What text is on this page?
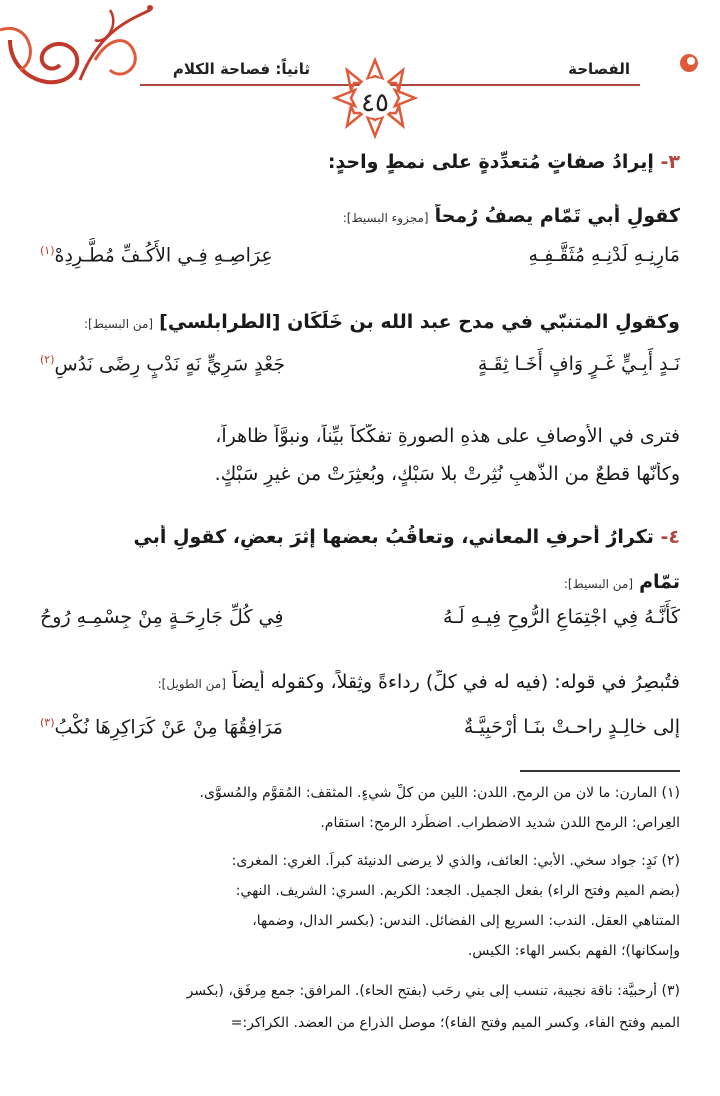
الفصاحة
ثانياً: فصاحة الكلام
٤٥
٣- إيرادُ صفاتٍ مُتعدِّدةٍ على نمطٍ واحدٍ:
كقولِ أبي تَمّام يصفُ رُمحاً [مجزوء البسيط]:
مَارِنِـهِ لَدْنِـهِ مُثَقَّـفِـهِ
عِرَاصِـهِ فِـي الأَكُـفِّ مُطَّـرِدِهْ$^{(١)}$
وكقولِ المتنبّي في مدح عبد الله بن خَلِّكَان [الطرابلسي] [من البسيط]:
نَـدٍ أَبِـيٍّ غَـرٍ وَافٍ أَخَـا ثِقَـةٍ
جَعْدٍ سَرِيٍّ نَهٍ نَدْبٍ رِضًى نَدُسِ$^{(٢)}$
فترى في الأوصافِ على هذهِ الصورةِ تفكُّكاً بيِّناً، ونبوَّاً ظاهراً،
وكأنّها قطعٌ من الذَّهبِ نُثِرتْ بلا سَبْكٍ، وبُعثِرَتْ من غيرِ سَبْكٍ.
٤- تكرارُ أحرفِ المعاني، وتعاقُبُ بعضها إثرَ بعضٍ، كقولِ أبي
تمّام [من البسيط]:
كَأَنَّـهُ فِي اجْتِمَاعِ الرُّوحِ فِيـهِ لَـهُ
فِي كُلِّ جَارِحَـةٍ مِنْ جِسْمِـهِ رُوحُ
فتُبصِرُ في قوله: (فيه له في كلِّ) رداءةً وثِقلاً، وكقوله أيضاً [من الطويل]:
إلى خالِـدٍ راحـتْ بنَـا أرْحَبِيَّـةٌ
مَرَافِقُهَا مِنْ عَنْ كَرَاكِرِهَا نُكْبُ$^{(٣)}$
(١) المارن: ما لان من الرمح. اللدن: اللين من كلِّ شيءٍ. المثقف: المُقوَّم والمُسوَّى.
العِراص: الرمح اللدن شديد الاضطراب. اضطِّرد الرمح: استقام.
(٢) نَدٍ: جواد سخي. الأبي: العائف، والذي لا يرضى الدنيئة كبراً. الغري: المغرى:
(بضم الميم وفتح الراء) بفعل الجميل. الجعد: الكريم. السري: الشريف. النهي:
المتناهي العقل. الندب: السريع إلى الفضائل. الندس: (بكسر الدال، وضمها،
وإسكانها)؛ الفهم بكسر الهاء: الكيس.
(٣) أرحبيَّة: ناقة نجيبة، تنسب إلى بني رحَب (بفتح الحاء). المرافق: جمع مِرفَق، (بكسر
الميم وفتح الفاء، وكسر الميم وفتح الفاء)؛ موصل الذراع من العضد. الكراكر:=
